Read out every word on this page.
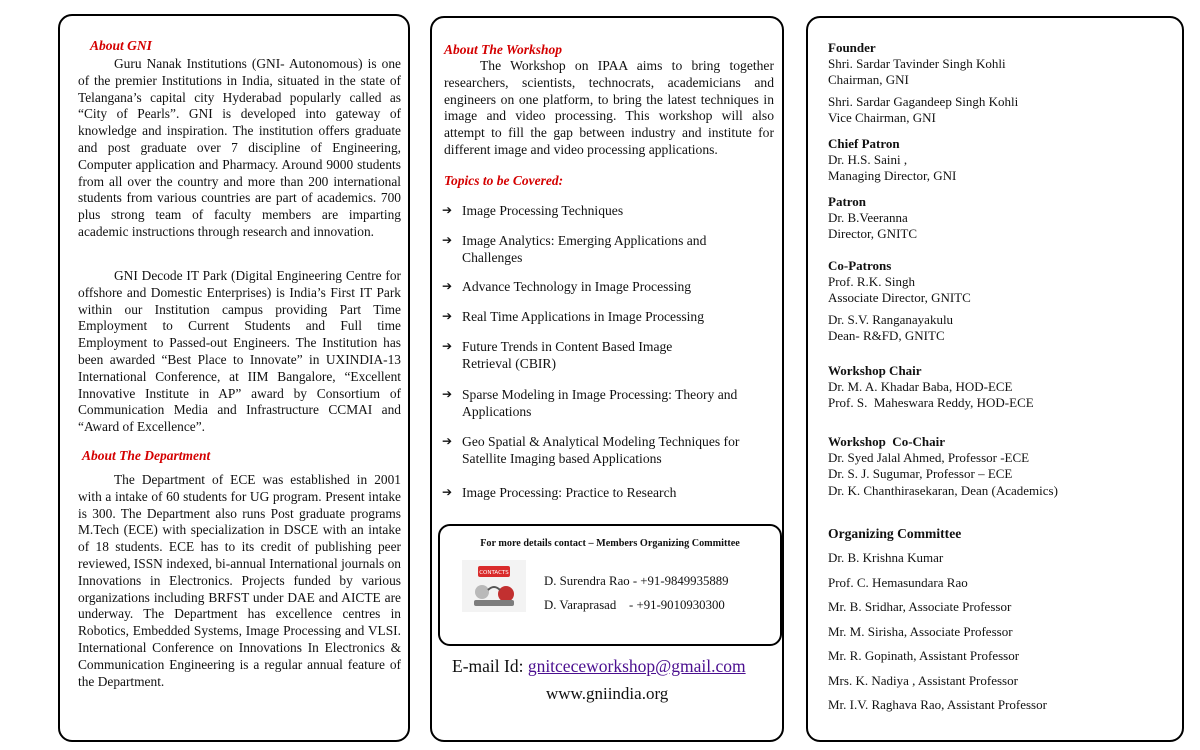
About GNI

Guru Nanak Institutions (GNI- Autonomous) is one of the premier Institutions in India, situated in the state of Telangana’s capital city Hyderabad popularly called as “City of Pearls”. GNI is developed into gateway of knowledge and inspiration. The institution offers graduate and post graduate over 7 discipline of Engineering, Computer application and Pharmacy. Around 9000 students from all over the country and more than 200 international students from various countries are part of academics. 700 plus strong team of faculty members are imparting academic instructions through research and innovation.

GNI Decode IT Park (Digital Engineering Centre for offshore and Domestic Enterprises) is India’s First IT Park within our Institution campus providing Part Time Employment to Current Students and Full time Employment to Passed-out Engineers. The Institution has been awarded “Best Place to Innovate” in UXINDIA-13 International Conference, at IIM Bangalore, “Excellent Innovative Institute in AP” award by Consortium of Communication Media and Infrastructure CCMAI and “Award of Excellence”.

About The Department

The Department of ECE was established in 2001 with a intake of 60 students for UG program. Present intake is 300. The Department also runs Post graduate programs M.Tech (ECE) with specialization in DSCE with an intake of 18 students. ECE has to its credit of publishing peer reviewed, ISSN indexed, bi-annual International journals on Innovations in Electronics. Projects funded by various organizations including BRFST under DAE and AICTE are underway. The Department has excellence centres in Robotics, Embedded Systems, Image Processing and VLSI. International Conference on Innovations In Electronics & Communication Engineering is a regular annual feature of the Department.

About The Workshop

The Workshop on IPAA aims to bring together researchers, scientists, technocrats, academicians and engineers on one platform, to bring the latest techniques in image and video processing. This workshop will also attempt to fill the gap between industry and institute for different image and video processing applications.

Topics to be Covered:
➔ Image Processing Techniques
➔ Image Analytics: Emerging Applications and
Challenges
➔ Advance Technology in Image Processing
➔ Real Time Applications in Image Processing
➔ Future Trends in Content Based Image
Retrieval (CBIR)
➔ Sparse Modeling in Image Processing: Theory and
Applications
➔ Geo Spatial & Analytical Modeling Techniques for
Satellite Imaging based Applications
➔ Image Processing: Practice to Research
For more details contact – Members Organizing Committee
CONTACTS
D. Surendra Rao - +91-9849935889
D. Varaprasad    - +91-9010930300
E-mail Id: gnitceceworkshop@gmail.com
www.gniindia.org
Founder
Shri. Sardar Tavinder Singh Kohli
Chairman, GNI
Shri. Sardar Gagandeep Singh Kohli
Vice Chairman, GNI
Chief Patron
Dr. H.S. Saini ,
Managing Director, GNI
Patron
Dr. B.Veeranna
Director, GNITC
Co-Patrons
Prof. R.K. Singh
Associate Director, GNITC
Dr. S.V. Ranganayakulu
Dean- R&FD, GNITC
Workshop Chair
Dr. M. A. Khadar Baba, HOD-ECE
Prof. S.  Maheswara Reddy, HOD-ECE
Workshop  Co-Chair
Dr. Syed Jalal Ahmed, Professor -ECE
Dr. S. J. Sugumar, Professor – ECE
Dr. K. Chanthirasekaran, Dean (Academics)
Organizing Committee
Dr. B. Krishna Kumar
Prof. C. Hemasundara Rao
Mr. B. Sridhar, Associate Professor
Mr. M. Sirisha, Associate Professor
Mr. R. Gopinath, Assistant Professor
Mrs. K. Nadiya , Assistant Professor
Mr. I.V. Raghava Rao, Assistant Professor
